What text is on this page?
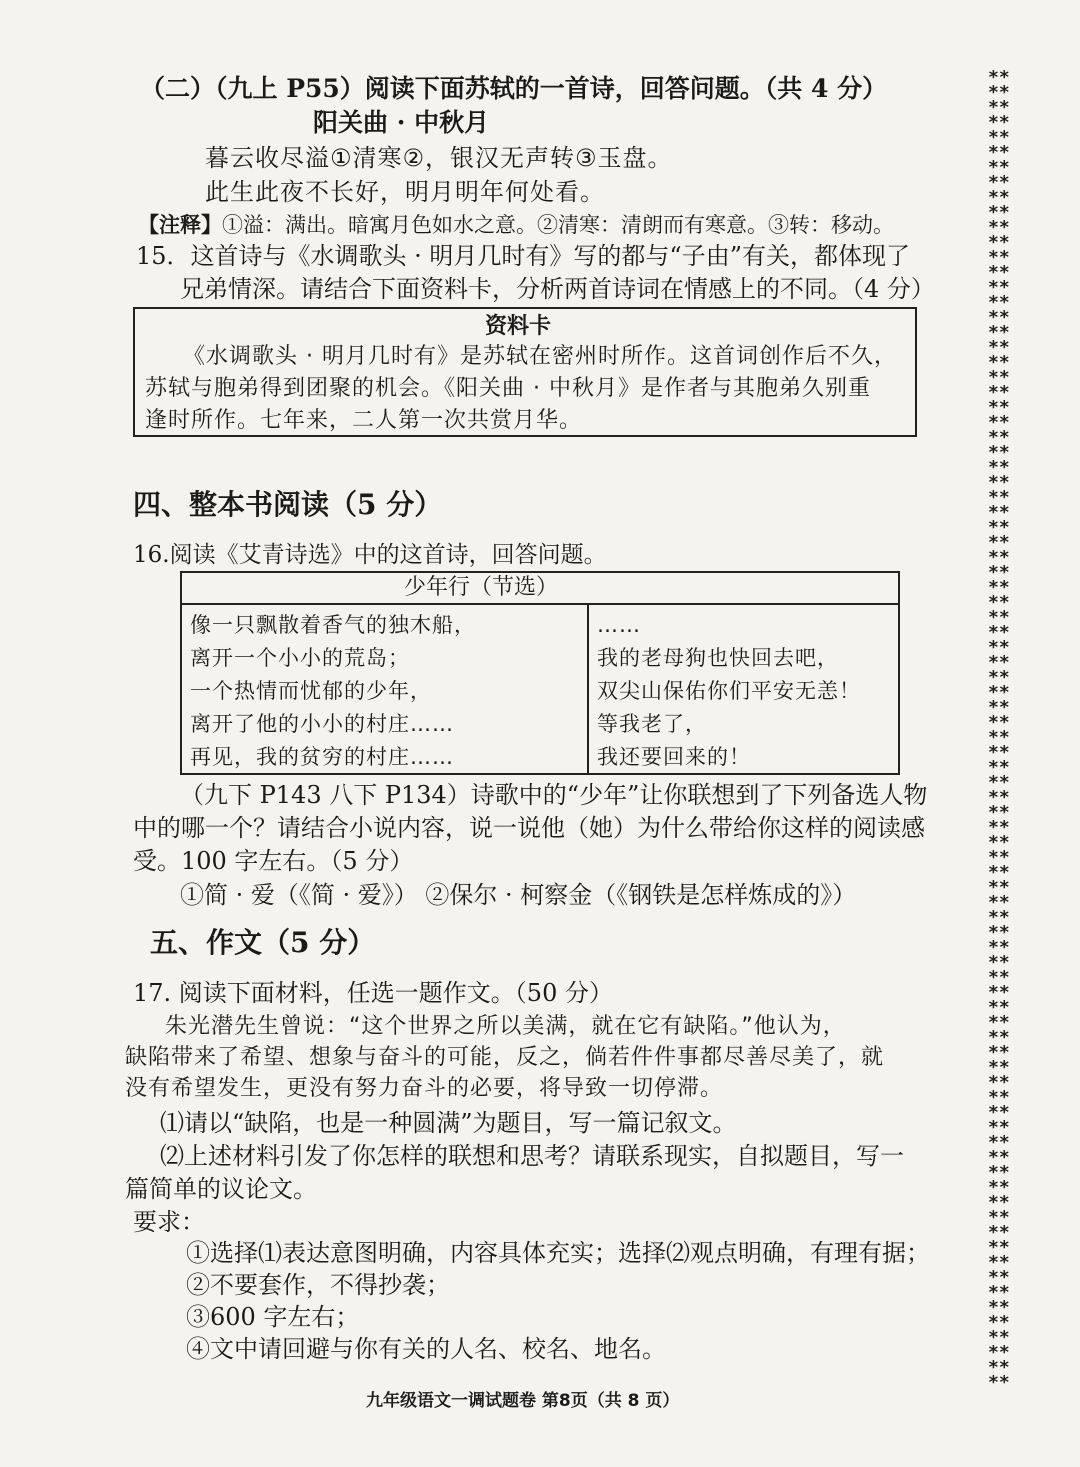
（二）（九上 P55）阅读下面苏轼的一首诗，回答问题。（共 4 分）
阳关曲 · 中秋月
暮云收尽溢①清寒②，银汉无声转③玉盘。
此生此夜不长好，明月明年何处看。
【注释】①溢：满出。暗寓月色如水之意。②清寒：清朗而有寒意。③转：移动。
15．这首诗与《水调歌头 · 明月几时有》写的都与“子由”有关，都体现了
兄弟情深。请结合下面资料卡，分析两首诗词在情感上的不同。（4 分）
资料卡
《水调歌头 · 明月几时有》是苏轼在密州时所作。这首词创作后不久，
苏轼与胞弟得到团聚的机会。《阳关曲 · 中秋月》是作者与其胞弟久别重
逢时所作。七年来，二人第一次共赏月华。
四、整本书阅读（5 分）
16.阅读《艾青诗选》中的这首诗，回答问题。
少年行（节选）
像一只飘散着香气的独木船，
离开一个小小的荒岛；
一个热情而忧郁的少年，
离开了他的小小的村庄……
再见，我的贫穷的村庄……
……
我的老母狗也快回去吧，
双尖山保佑你们平安无恙！
等我老了，
我还要回来的！
（九下 P143 八下 P134）诗歌中的“少年”让你联想到了下列备选人物
中的哪一个？请结合小说内容，说一说他（她）为什么带给你这样的阅读感
受。100 字左右。（5 分）
①简 · 爱（《简 · 爱》） ②保尔 · 柯察金（《钢铁是怎样炼成的》）
五、作文（5 分）
17. 阅读下面材料，任选一题作文。（50 分）
朱光潜先生曾说：“这个世界之所以美满，就在它有缺陷。”他认为，
缺陷带来了希望、想象与奋斗的可能，反之，倘若件件事都尽善尽美了，就
没有希望发生，更没有努力奋斗的必要，将导致一切停滞。
⑴请以“缺陷，也是一种圆满”为题目，写一篇记叙文。
⑵上述材料引发了你怎样的联想和思考？请联系现实，自拟题目，写一
篇简单的议论文。
要求：
①选择⑴表达意图明确，内容具体充实；选择⑵观点明确，有理有据；
②不要套作，不得抄袭；
③600 字左右；
④文中请回避与你有关的人名、校名、地名。
九年级语文一调试题卷 第8页（共 8 页）
**
**
**
**
**
**
**
**
**
**
**
**
**
**
**
**
**
**
**
**
**
**
**
**
**
**
**
**
**
**
**
**
**
**
**
**
**
**
**
**
**
**
**
**
**
**
**
**
**
**
**
**
**
**
**
**
**
**
**
**
**
**
**
**
**
**
**
**
**
**
**
**
**
**
**
**
**
**
**
**
**
**
**
**
**
**
**
**
